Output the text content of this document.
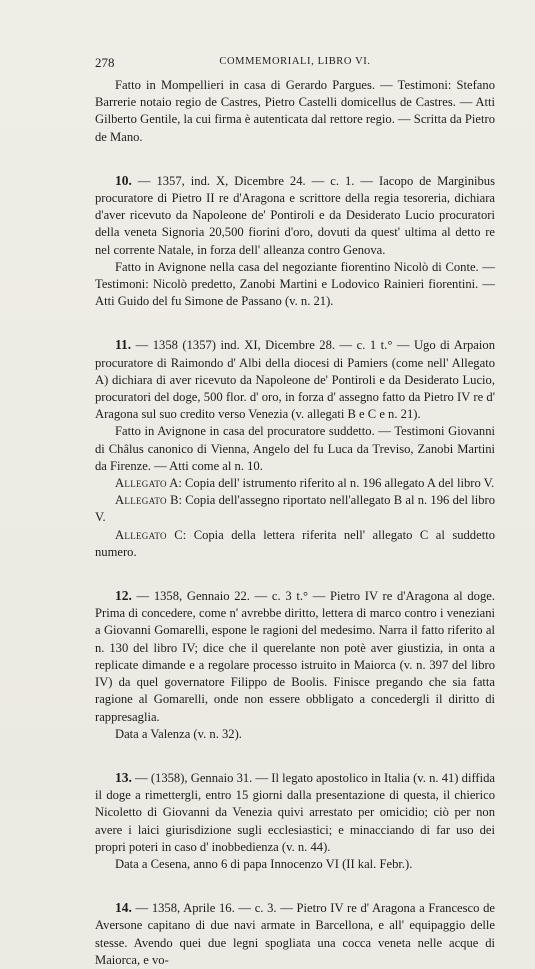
278	COMMEMORIALI, LIBRO VI.

Fatto in Mompellieri in casa di Gerardo Pargues. — Testimoni: Stefano Barrerie notaio regio de Castres, Pietro Castelli domicellus de Castres. — Atti Gilberto Gentile, la cui firma è autenticata dal rettore regio. — Scritta da Pietro de Mano.

10. — 1357, ind. X, Dicembre 24. — c. 1. — Iacopo de Marginibus procuratore di Pietro II re d'Aragona e scrittore della regia tesoreria, dichiara d'aver ricevuto da Napoleone de' Pontiroli e da Desiderato Lucio procuratori della veneta Signoria 20,500 fiorini d'oro, dovuti da quest' ultima al detto re nel corrente Natale, in forza dell' alleanza contro Genova.

Fatto in Avignone nella casa del negoziante fiorentino Nicolò di Conte. — Testimoni: Nicolò predetto, Zanobi Martini e Lodovico Rainieri fiorentini. — Atti Guido del fu Simone de Passano (v. n. 21).

11. — 1358 (1357) ind. XI, Dicembre 28. — c. 1 t.° — Ugo di Arpaion procuratore di Raimondo d' Albi della diocesi di Pamiers (come nell' Allegato A) dichiara di aver ricevuto da Napoleone de' Pontiroli e da Desiderato Lucio, procuratori del doge, 500 flor. d' oro, in forza d' assegno fatto da Pietro IV re d' Aragona sul suo credito verso Venezia (v. allegati B e C e n. 21).

Fatto in Avignone in casa del procuratore suddetto. — Testimoni Giovanni di Châlus canonico di Vienna, Angelo del fu Luca da Treviso, Zanobi Martini da Firenze. — Atti come al n. 10.

Allegato A: Copia dell' istrumento riferito al n. 196 allegato A del libro V.

Allegato B: Copia dell'assegno riportato nell'allegato B al n. 196 del libro V.

Allegato C: Copia della lettera riferita nell' allegato C al suddetto numero.

12. — 1358, Gennaio 22. — c. 3 t.° — Pietro IV re d'Aragona al doge. Prima di concedere, come n' avrebbe diritto, lettera di marco contro i veneziani a Giovanni Gomarelli, espone le ragioni del medesimo. Narra il fatto riferito al n. 130 del libro IV; dice che il querelante non potè aver giustizia, in onta a replicate dimande e a regolare processo istruito in Maiorca (v. n. 397 del libro IV) da quel governatore Filippo de Boolis. Finisce pregando che sia fatta ragione al Gomarelli, onde non essere obbligato a concedergli il diritto di rappresaglia.

Data a Valenza (v. n. 32).

13. — (1358), Gennaio 31. — Il legato apostolico in Italia (v. n. 41) diffida il doge a rimettergli, entro 15 giorni dalla presentazione di questa, il chierico Nicoletto di Giovanni da Venezia quivi arrestato per omicidio; ciò per non avere i laici giurisdizione sugli ecclesiastici; e minacciando di far uso dei propri poteri in caso d' inobbedienza (v. n. 44).

Data a Cesena, anno 6 di papa Innocenzo VI (II kal. Febr.).

14. — 1358, Aprile 16. — c. 3. — Pietro IV re d' Aragona a Francesco de Aversone capitano di due navi armate in Barcellona, e all' equipaggio delle stesse. Avendo quei due legni spogliata una cocca veneta nelle acque di Maiorca, e vo-
